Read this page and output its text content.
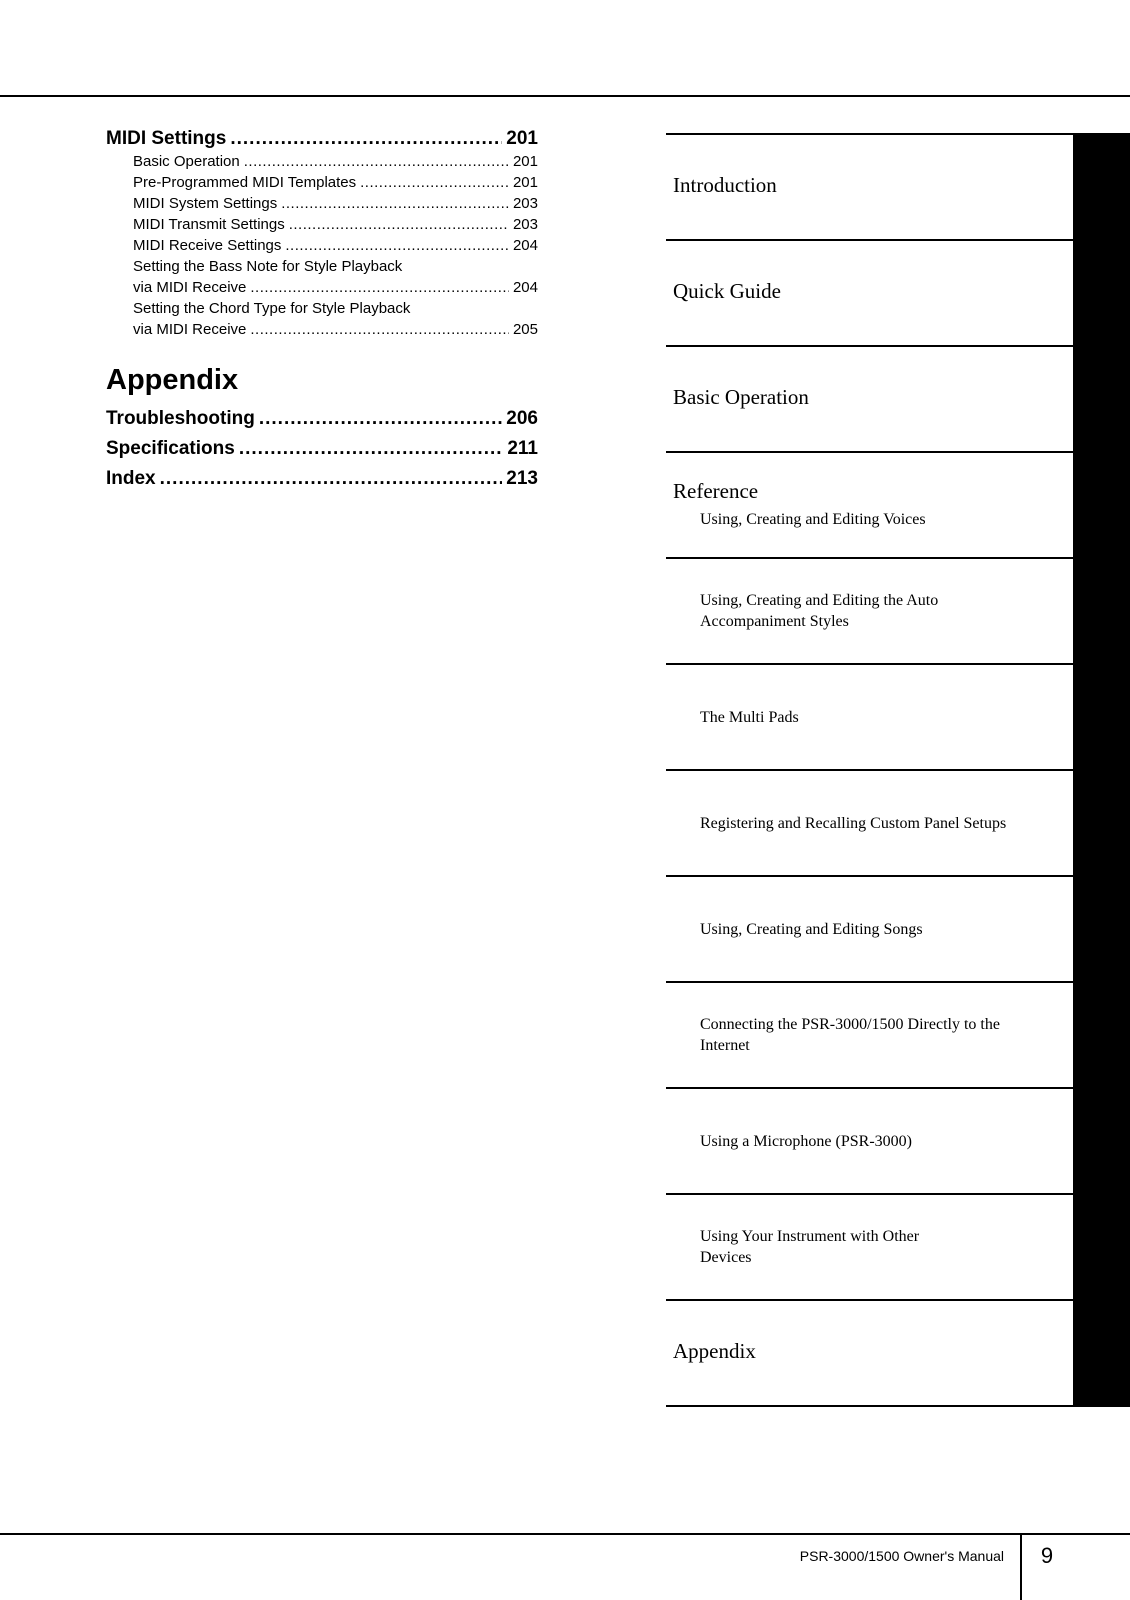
MIDI Settings .....	201
Basic Operation .....	201
Pre-Programmed MIDI Templates .....	201
MIDI System Settings .....	203
MIDI Transmit Settings .....	203
MIDI Receive Settings .....	204
Setting the Bass Note for Style Playback
via MIDI Receive .....	204
Setting the Chord Type for Style Playback
via MIDI Receive .....	205
Appendix
Troubleshooting .....	206
Specifications .....	211
Index .....	213
Introduction
Quick Guide
Basic Operation
Reference
Using, Creating and Editing Voices
Using, Creating and Editing the Auto Accompaniment Styles
The Multi Pads
Registering and Recalling Custom Panel Setups
Using, Creating and Editing Songs
Connecting the PSR-3000/1500 Directly to the Internet
Using a Microphone (PSR-3000)
Using Your Instrument with Other Devices
Appendix
PSR-3000/1500 Owner's Manual	9
